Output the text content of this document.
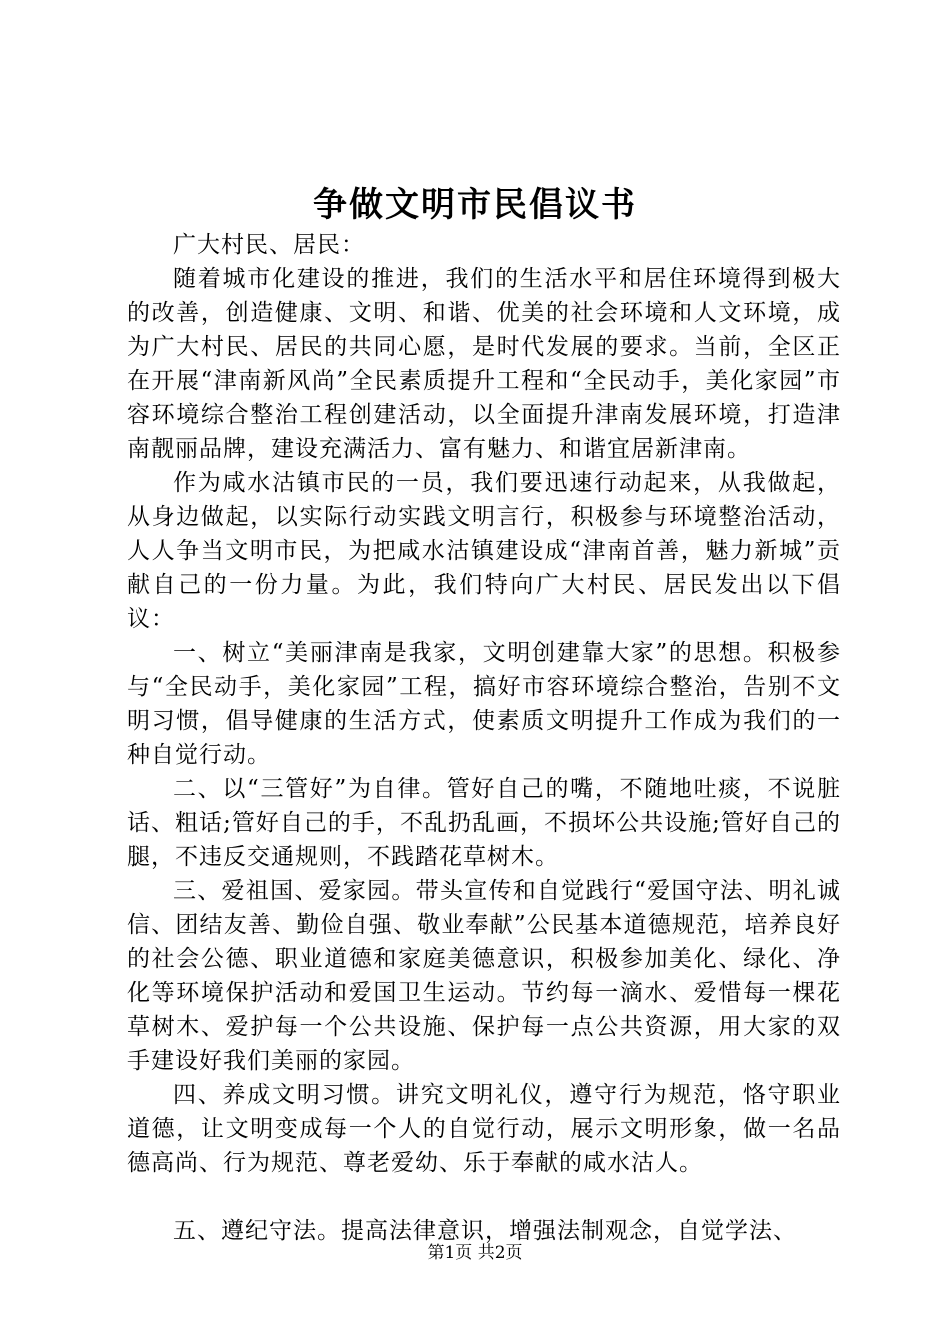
争做文明市民倡议书

广大村民、居民：

随着城市化建设的推进，我们的生活水平和居住环境得到极大的改善，创造健康、文明、和谐、优美的社会环境和人文环境，成为广大村民、居民的共同心愿，是时代发展的要求。当前，全区正在开展“津南新风尚”全民素质提升工程和“全民动手，美化家园”市容环境综合整治工程创建活动，以全面提升津南发展环境，打造津南靓丽品牌，建设充满活力、富有魅力、和谐宜居新津南。

作为咸水沽镇市民的一员，我们要迅速行动起来，从我做起，从身边做起，以实际行动实践文明言行，积极参与环境整治活动，人人争当文明市民，为把咸水沽镇建设成“津南首善，魅力新城”贡献自己的一份力量。为此，我们特向广大村民、居民发出以下倡议：

一、树立“美丽津南是我家，文明创建靠大家”的思想。积极参与“全民动手，美化家园”工程，搞好市容环境综合整治，告别不文明习惯，倡导健康的生活方式，使素质文明提升工作成为我们的一种自觉行动。

二、以“三管好”为自律。管好自己的嘴，不随地吐痰，不说脏话、粗话;管好自己的手，不乱扔乱画，不损坏公共设施;管好自己的腿，不违反交通规则，不践踏花草树木。

三、爱祖国、爱家园。带头宣传和自觉践行“爱国守法、明礼诚信、团结友善、勤俭自强、敬业奉献”公民基本道德规范，培养良好的社会公德、职业道德和家庭美德意识，积极参加美化、绿化、净化等环境保护活动和爱国卫生运动。节约每一滴水、爱惜每一棵花草树木、爱护每一个公共设施、保护每一点公共资源，用大家的双手建设好我们美丽的家园。

四、养成文明习惯。讲究文明礼仪，遵守行为规范，恪守职业道德，让文明变成每一个人的自觉行动，展示文明形象，做一名品德高尚、行为规范、尊老爱幼、乐于奉献的咸水沽人。

五、遵纪守法。提高法律意识，增强法制观念，自觉学法、

第1页 共2页
